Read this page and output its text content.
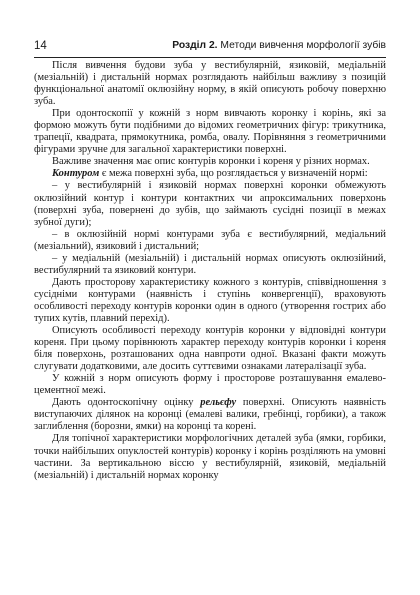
14	Розділ 2. Методи вивчення морфології зубів

Після вивчення будови зуба у вестибулярній, язиковій, медіальній (мезіальній) і дистальній нормах розглядають найбільш важливу з позицій функціональної анатомії оклюзійну норму, в якій описують робочу поверхню зуба.

При одонтоскопії у кожній з норм вивчають коронку і корінь, які за формою можуть бути подібними до відомих геометричних фігур: трикутника, трапеції, квадрата, прямокутника, ромба, овалу. Порівняння з геометричними фігурами зручне для загальної характеристики поверхні.

Важливе значення має опис контурів коронки і кореня у різних нормах.

Контуром є межа поверхні зуба, що розглядається у визначеній нормі:

– у вестибулярній і язиковій нормах поверхні коронки обмежують оклюзійний контур і контури контактних чи апроксимальних поверхонь (поверхні зуба, повернені до зубів, що займають сусідні позиції в межах зубної дуги);

– в оклюзійній нормі контурами зуба є вестибулярний, медіальний (мезіальний), язиковий і дистальний;

– у медіальній (мезіальній) і дистальній нормах описують оклюзійний, вестибулярний та язиковий контури.

Дають просторову характеристику кожного з контурів, співвідношення з сусідніми контурами (наявність і ступінь конвергенції), враховують особливості переходу контурів коронки один в одного (утворення гострих або тупих кутів, плавний перехід).

Описують особливості переходу контурів коронки у відповідні контури кореня. При цьому порівнюють характер переходу контурів коронки і кореня біля поверхонь, розташованих одна навпроти одної. Вказані факти можуть слугувати додатковими, але досить суттєвими ознаками латералізації зуба.

У кожній з норм описують форму і просторове розташування емалево-цементної межі.

Дають одонтоскопічну оцінку рельєфу поверхні. Описують наявність виступаючих ділянок на коронці (емалеві валики, гребінці, горбики), а також заглиблення (борозни, ямки) на коронці та корені.

Для топічної характеристики морфологічних деталей зуба (ямки, горбики, точки найбільших опуклостей контурів) коронку і корінь розділяють на умовні частини. За вертикальною віссю у вестибулярній, язиковій, медіальній (мезіальній) і дистальній нормах коронку
